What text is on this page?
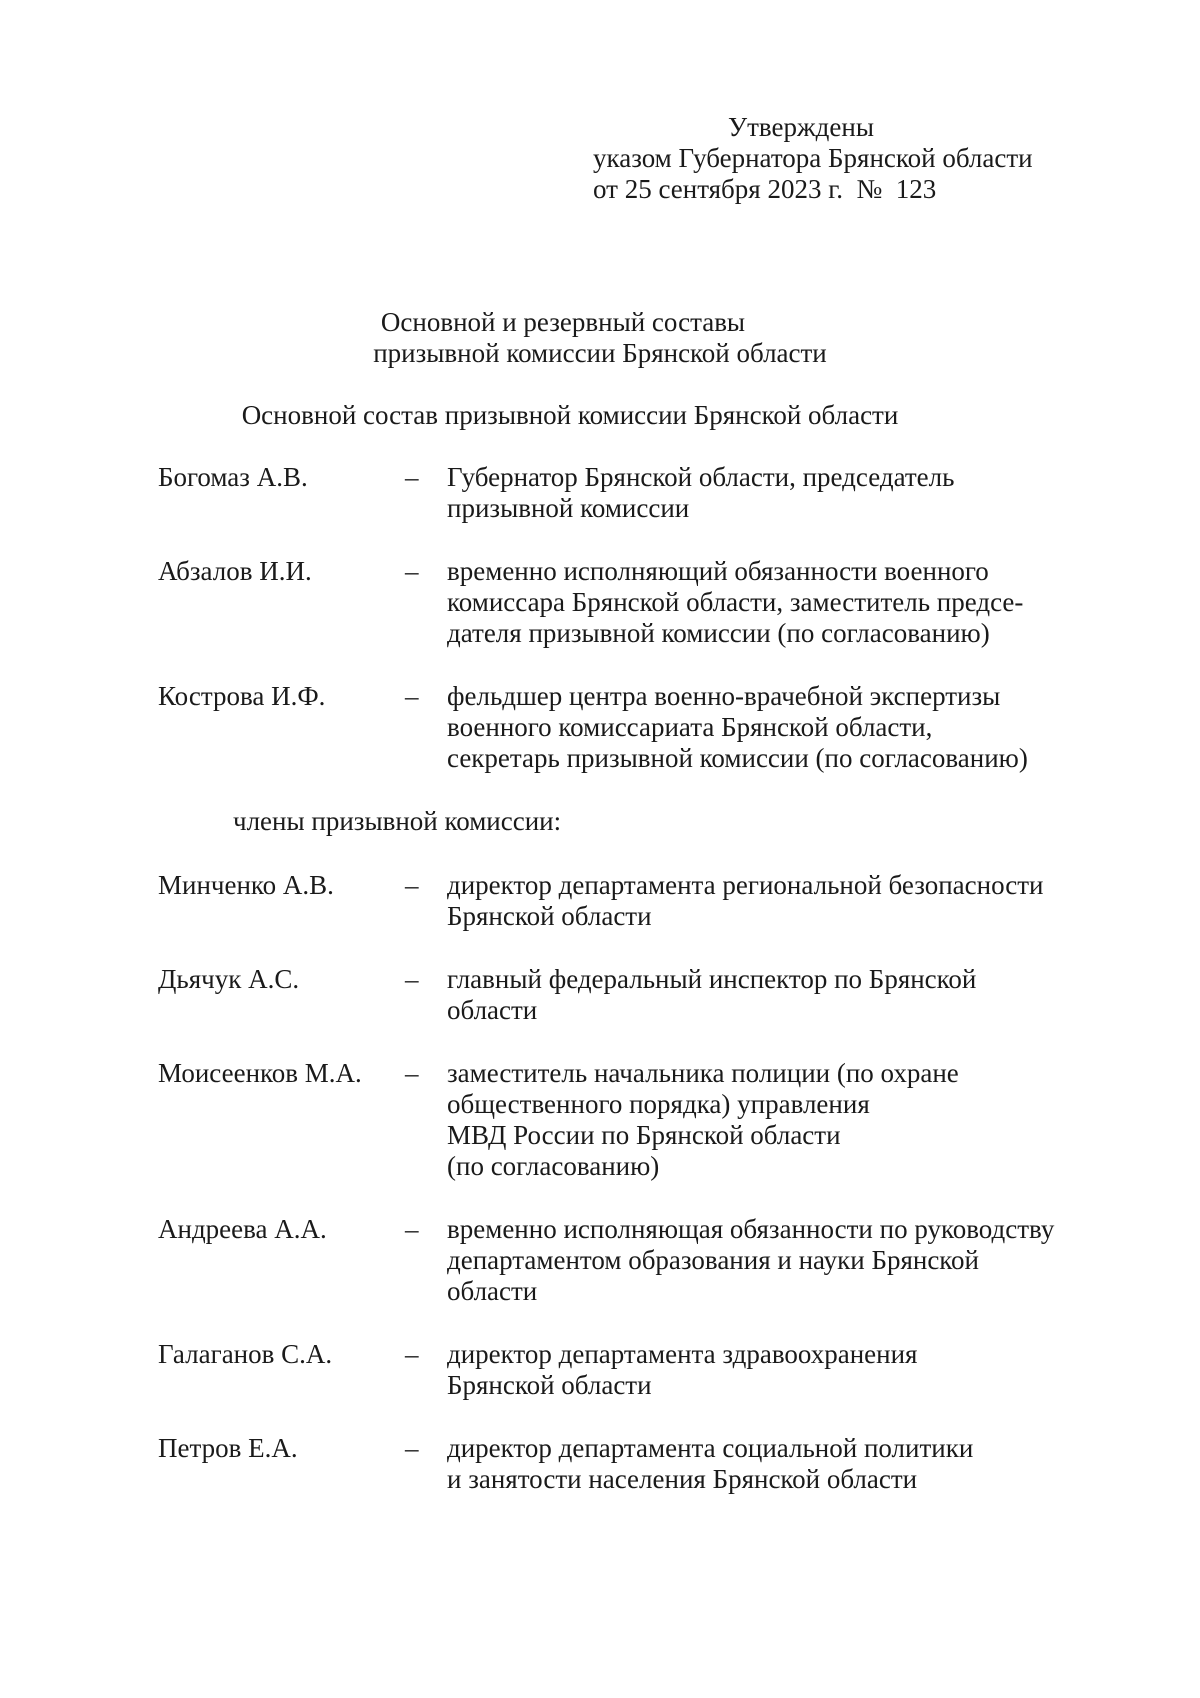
Утверждены
указом Губернатора Брянской области
от 25 сентября 2023 г.  №  123
Основной и резервный составы
призывной комиссии Брянской области
Основной состав призывной комиссии Брянской области
Богомаз А.В.	–	Губернатор Брянской области, председатель
призывной комиссии
Абзалов И.И.	–	временно исполняющий обязанности военного
комиссара Брянской области, заместитель предсе-
дателя призывной комиссии (по согласованию)
Кострова И.Ф.	–	фельдшер центра военно-врачебной экспертизы
военного комиссариата Брянской области,
секретарь призывной комиссии (по согласованию)
члены призывной комиссии:
Минченко А.В.	–	директор департамента региональной безопасности
Брянской области
Дьячук А.С.	–	главный федеральный инспектор по Брянской
области
Моисеенков М.А.	–	заместитель начальника полиции (по охране
общественного порядка) управления
МВД России по Брянской области
(по согласованию)
Андреева А.А.	–	временно исполняющая обязанности по руководству
департаментом образования и науки Брянской
области
Галаганов С.А.	–	директор департамента здравоохранения
Брянской области
Петров Е.А.	–	директор департамента социальной политики
и занятости населения Брянской области
